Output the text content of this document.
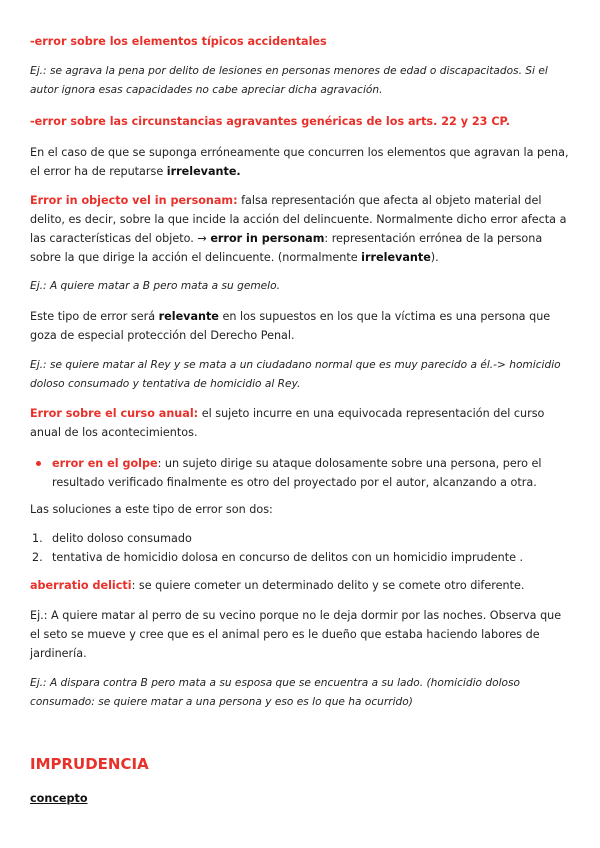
-error sobre los elementos típicos accidentales
Ej.: se agrava la pena por delito de lesiones en personas menores de edad o discapacitados. Si el autor ignora esas capacidades no cabe apreciar dicha agravación.
-error sobre las circunstancias agravantes genéricas de los arts. 22 y 23 CP.
En el caso de que se suponga erróneamente que concurren los elementos que agravan la pena, el error ha de reputarse irrelevante.
Error in objecto vel in personam: falsa representación que afecta al objeto material del delito, es decir, sobre la que incide la acción del delincuente. Normalmente dicho error afecta a las características del objeto. → error in personam: representación errónea de la persona sobre la que dirige la acción el delincuente. (normalmente irrelevante).
Ej.: A quiere matar a B pero mata a su gemelo.
Este tipo de error será relevante en los supuestos en los que la víctima es una persona que goza de especial protección del Derecho Penal.
Ej.: se quiere matar al Rey y se mata a un ciudadano normal que es muy parecido a él.-> homicidio doloso consumado y tentativa de homicidio al Rey.
Error sobre el curso anual: el sujeto incurre en una equivocada representación del curso anual de los acontecimientos.
error en el golpe: un sujeto dirige su ataque dolosamente sobre una persona, pero el resultado verificado finalmente es otro del proyectado por el autor, alcanzando a otra.
Las soluciones a este tipo de error son dos:
1. delito doloso consumado
2. tentativa de homicidio dolosa en concurso de delitos con un homicidio imprudente .
aberratio delicti: se quiere cometer un determinado delito y se comete otro diferente.
Ej.: A quiere matar al perro de su vecino porque no le deja dormir por las noches. Observa que el seto se mueve y cree que es el animal pero es le dueño que estaba haciendo labores de jardinería.
Ej.: A dispara contra B pero mata a su esposa que se encuentra a su lado. (homicidio doloso consumado: se quiere matar a una persona y eso es lo que ha ocurrido)
IMPRUDENCIA
concepto
